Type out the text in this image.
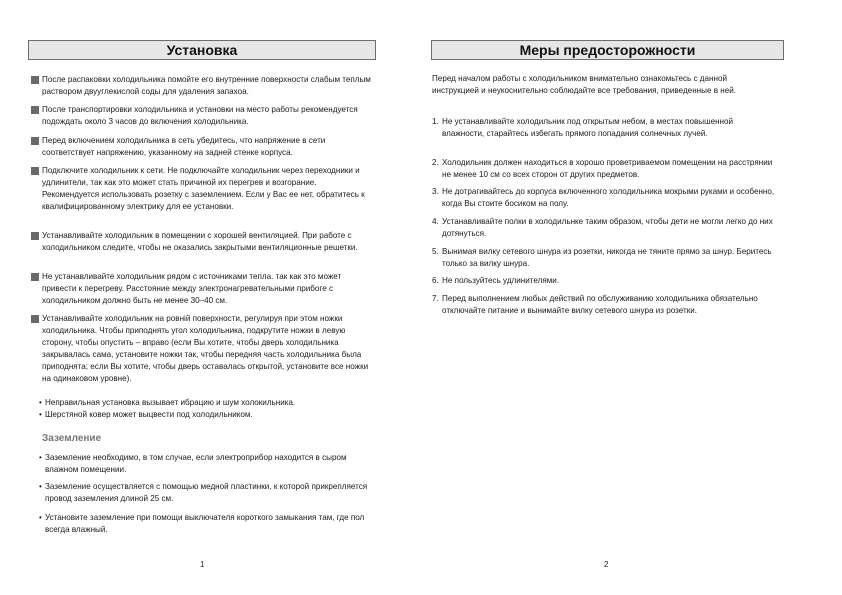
Установка
После распаковки холодильника помойте его внутренние поверхности слабым теплым раствором двууглекислой соды для удаления запахоа.
После транспортировки холодильника и установки на место работы рекомендуется подождать около 3 часов до включения холодильника.
Перед включением холодильника в сеть убедитесь, что напряжение в сети соответствует напряжению, указанному на задней стенке корпуса.
Подключите холодильник к сети. Не подключайте холодильник через переходники и удлинители, так как это может стать причиной их перегрев и возгорание.
Рекомендуется использовать розетку с заземлением. Если у Вас ее нет, обратитесь к квалифицированному электрику для ее установки.
Устанавливайте холодильник в помещении с хорошей вентиляцией. При работе с холодильником следите, чтобы не оказались закрытыми вентиляционные решетки.
Не устанавливайте холодильник рядом с источниками тепла. так как это может привести к перегреву. Расстояние между электронагревательными прибоге с холодильником должно быть не менее 30–40 см.
Устанавливайте холодильник на ровній поверхности, регулируя при этом ножки холодильника. Чтобы приподнять угол холодильника, подкрутите ножки в левую сторону, чтобы опустить – вправо (если Вы хотите, чтобы дверь холодильника закрывалась сама, установите ножки так, чтобы передняя часть холодильника была приподнята; если Вы хотите, чтобы дверь оставалась открытой, установите все ножки на одинаковом уровне).
• Неправильная установка вызывает ибрацию и шум холокильника.
• Шерстяной ковер может выцвести под холодильником.
Заземление
• Заземление необходимо, в том случае, если электроприбор находится в сыром влажном помещении.
• Заземление осуществляется с помощью медной пластинки, к которой прикрепляется провод заземления длиной 25 см.
• Установите заземление при помощи выключателя короткого замыкания там, где пол всегда влажный.
1
Меры предосторожности
Перед началом работы с холодильником внимательно ознакомьтесь с данной инструкцией и неукоснительно соблюдайте все требования, приведенные в ней.
1. Не устанавливайте холодильник под открытым небом, в местах повышенной влажности, старайтесь избегать прямого попадания солнечных лучей.
2. Холодильник должен находиться в хорошо проветриваемом помещении на расстрянии не менее 10 см со всех сторон от других предметов.
3. Не дотрагивайтесь до корпуса включенного холодильника мокрыми руками и особенно, когда Вы стоите босиком на полу.
4. Устанавливайте полки в холодильнке таким образом, чтобы дети не могли легко до них дотянуться.
5. Вынимая вилку сетевого шнура из розетки, никогда не тяните прямо за шнур. Беритесь только за вилку шнура.
6. Не пользуйтесь удлинителями.
7. Перед выполнением любых действий по обслуживанию холодильника обязательно отключайте питание и вынимайте вилку сетевого шнура из розетки.
2
